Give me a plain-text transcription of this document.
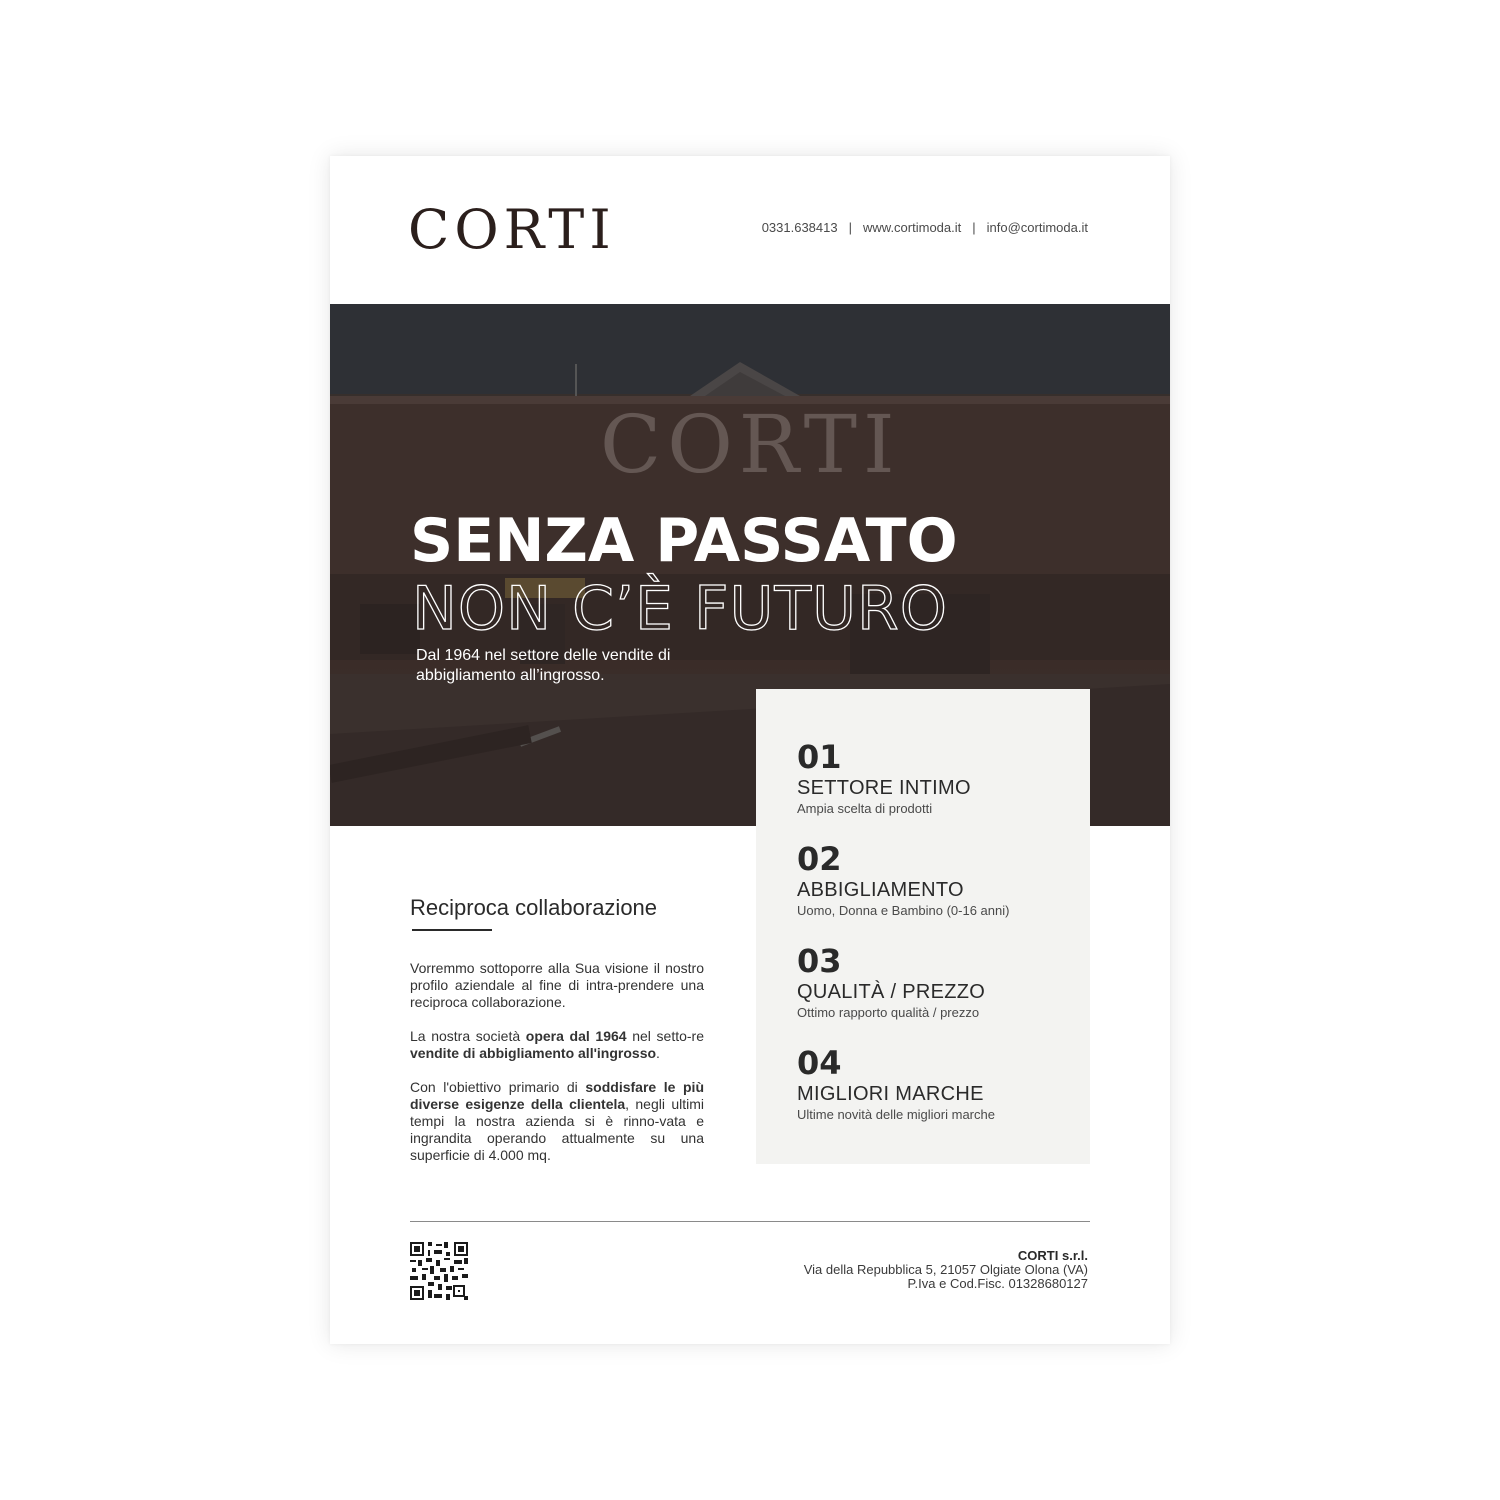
CORTI	0331.638413 | www.cortimoda.it | info@cortimoda.it
CORTI
SENZA PASSATO
NON C’È FUTURO
Dal 1964 nel settore delle vendite di abbigliamento all’ingrosso.
01
SETTORE INTIMO
Ampia scelta di prodotti
02
ABBIGLIAMENTO
Uomo, Donna e Bambino (0-16 anni)
03
QUALITÀ / PREZZO
Ottimo rapporto qualità / prezzo
04
MIGLIORI MARCHE
Ultime novità delle migliori marche
Reciproca collaborazione

Vorremmo sottoporre alla Sua visione il nostro profilo aziendale al fine di intra-prendere una reciproca collaborazione.

La nostra società opera dal 1964 nel setto-re vendite di abbigliamento all'ingrosso.

Con l'obiettivo primario di soddisfare le più diverse esigenze della clientela, negli ultimi tempi la nostra azienda si è rinno-vata e ingrandita operando attualmente su una superficie di 4.000 mq.

CORTI s.r.l.
Via della Repubblica 5, 21057 Olgiate Olona (VA)
P.Iva e Cod.Fisc. 01328680127
